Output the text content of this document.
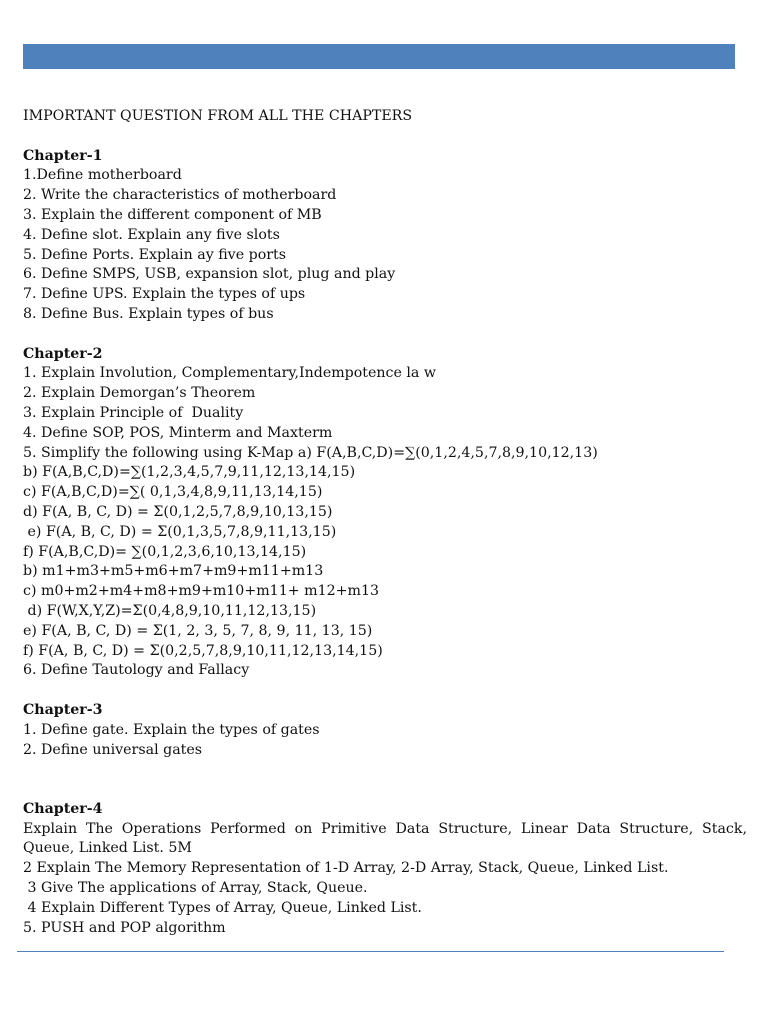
IMPORTANT QUESTION FROM ALL THE CHAPTERS

Chapter-1

1.Define motherboard

2. Write the characteristics of motherboard

3. Explain the different component of MB

4. Define slot. Explain any five slots

5. Define Ports. Explain ay five ports

6. Define SMPS, USB, expansion slot, plug and play

7. Define UPS. Explain the types of ups

8. Define Bus. Explain types of bus

Chapter-2

1. Explain Involution, Complementary,Indempotence la w

2. Explain Demorgan’s Theorem

3. Explain Principle of  Duality

4. Define SOP, POS, Minterm and Maxterm

5. Simplify the following using K-Map a) F(A,B,C,D)=∑(0,1,2,4,5,7,8,9,10,12,13)

b) F(A,B,C,D)=∑(1,2,3,4,5,7,9,11,12,13,14,15)

c) F(A,B,C,D)=∑( 0,1,3,4,8,9,11,13,14,15)

d) F(A, B, C, D) = Σ(0,1,2,5,7,8,9,10,13,15)

e) F(A, B, C, D) = Σ(0,1,3,5,7,8,9,11,13,15)

f) F(A,B,C,D)= ∑(0,1,2,3,6,10,13,14,15)

b) m1+m3+m5+m6+m7+m9+m11+m13

c) m0+m2+m4+m8+m9+m10+m11+ m12+m13

d) F(W,X,Y,Z)=Σ(0,4,8,9,10,11,12,13,15)

e) F(A, B, C, D) = Σ(1, 2, 3, 5, 7, 8, 9, 11, 13, 15)

f) F(A, B, C, D) = Σ(0,2,5,7,8,9,10,11,12,13,14,15)

6. Define Tautology and Fallacy

Chapter-3

1. Define gate. Explain the types of gates

2. Define universal gates

Chapter-4

Explain The Operations Performed on Primitive Data Structure, Linear Data Structure, Stack, Queue, Linked List. 5M

2 Explain The Memory Representation of 1-D Array, 2-D Array, Stack, Queue, Linked List.

3 Give The applications of Array, Stack, Queue.

4 Explain Different Types of Array, Queue, Linked List.

5. PUSH and POP algorithm
